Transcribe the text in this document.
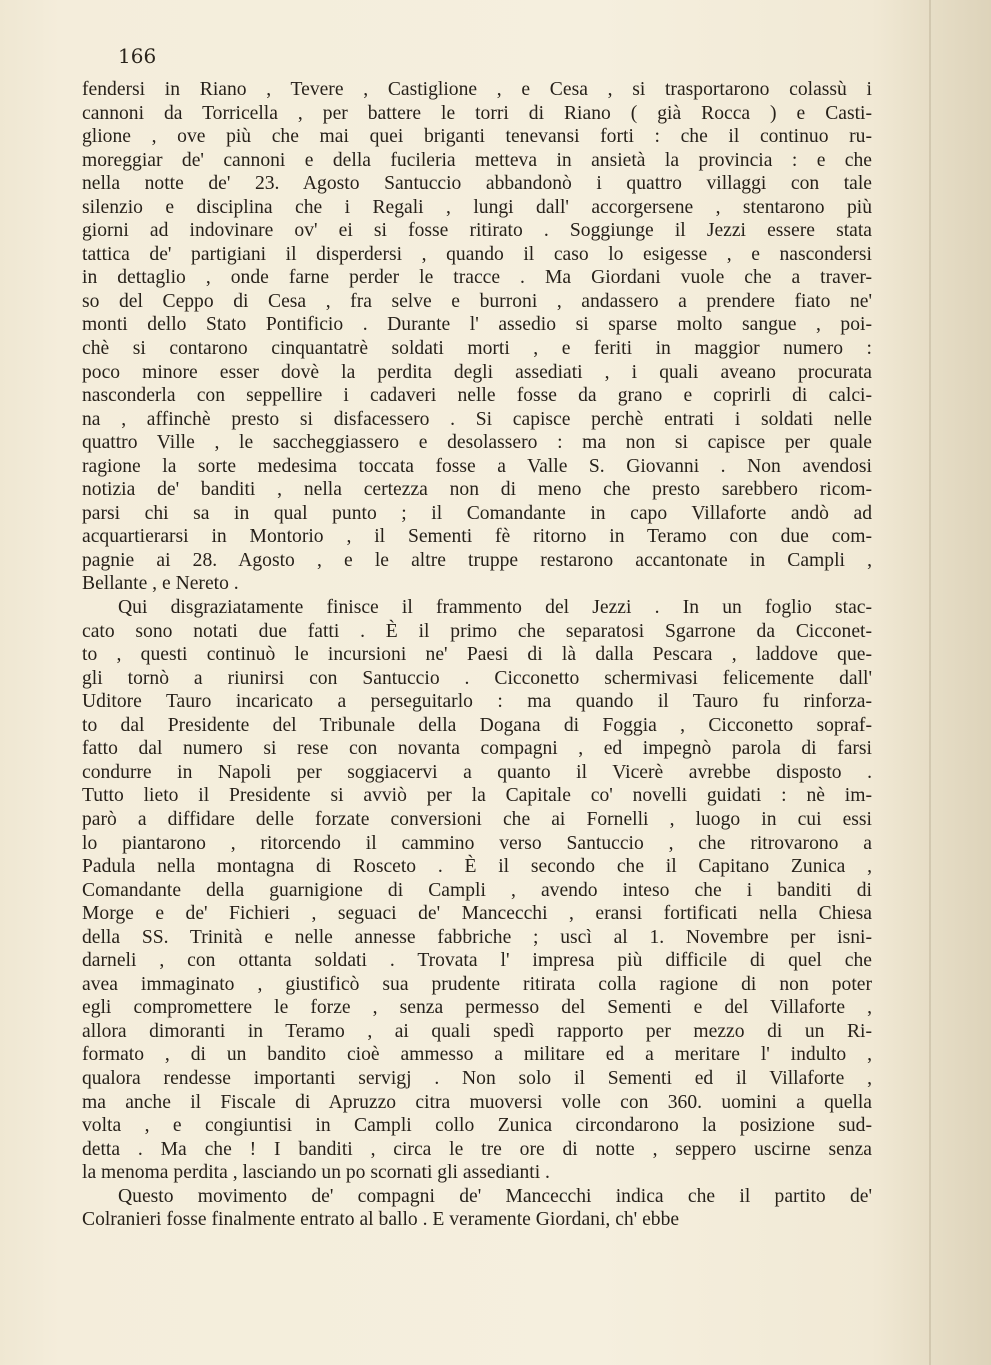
166
fendersi in Riano , Tevere , Castiglione , e Cesa , si trasportarono colassù i
cannoni da Torricella , per battere le torri di Riano ( già Rocca ) e Casti-
glione , ove più che mai quei briganti tenevansi forti : che il continuo ru-
moreggiar de' cannoni e della fucileria metteva in ansietà la provincia : e che
nella notte de' 23. Agosto Santuccio abbandonò i quattro villaggi con tale
silenzio e disciplina che i Regali , lungi dall' accorgersene , stentarono più
giorni ad indovinare ov' ei si fosse ritirato . Soggiunge il Jezzi essere stata
tattica de' partigiani il disperdersi , quando il caso lo esigesse , e nascondersi
in dettaglio , onde farne perder le tracce . Ma Giordani vuole che a traver-
so del Ceppo di Cesa , fra selve e burroni , andassero a prendere fiato ne'
monti dello Stato Pontificio . Durante l' assedio si sparse molto sangue , poi-
chè si contarono cinquantatrè soldati morti , e feriti in maggior numero :
poco minore esser dovè la perdita degli assediati , i quali aveano procurata
nasconderla con seppellire i cadaveri nelle fosse da grano e coprirli di calci-
na , affinchè presto si disfacessero . Si capisce perchè entrati i soldati nelle
quattro Ville , le saccheggiassero e desolassero : ma non si capisce per quale
ragione la sorte medesima toccata fosse a Valle S. Giovanni . Non avendosi
notizia de' banditi , nella certezza non di meno che presto sarebbero ricom-
parsi chi sa in qual punto ; il Comandante in capo Villaforte andò ad
acquartierarsi in Montorio , il Sementi fè ritorno in Teramo con due com-
pagnie ai 28. Agosto , e le altre truppe restarono accantonate in Campli ,
Bellante , e Nereto .
Qui disgraziatamente finisce il frammento del Jezzi . In un foglio stac-
cato sono notati due fatti . È il primo che separatosi Sgarrone da Cicconet-
to , questi continuò le incursioni ne' Paesi di là dalla Pescara , laddove que-
gli tornò a riunirsi con Santuccio . Cicconetto schermivasi felicemente dall'
Uditore Tauro incaricato a perseguitarlo : ma quando il Tauro fu rinforza-
to dal Presidente del Tribunale della Dogana di Foggia , Cicconetto sopraf-
fatto dal numero si rese con novanta compagni , ed impegnò parola di farsi
condurre in Napoli per soggiacervi a quanto il Vicerè avrebbe disposto .
Tutto lieto il Presidente si avviò per la Capitale co' novelli guidati : nè im-
parò a diffidare delle forzate conversioni che ai Fornelli , luogo in cui essi
lo piantarono , ritorcendo il cammino verso Santuccio , che ritrovarono a
Padula nella montagna di Rosceto . È il secondo che il Capitano Zunica ,
Comandante della guarnigione di Campli , avendo inteso che i banditi di
Morge e de' Fichieri , seguaci de' Mancecchi , eransi fortificati nella Chiesa
della SS. Trinità e nelle annesse fabbriche ; uscì al 1. Novembre per isni-
darneli , con ottanta soldati . Trovata l' impresa più difficile di quel che
avea immaginato , giustificò sua prudente ritirata colla ragione di non poter
egli compromettere le forze , senza permesso del Sementi e del Villaforte ,
allora dimoranti in Teramo , ai quali spedì rapporto per mezzo di un Ri-
formato , di un bandito cioè ammesso a militare ed a meritare l' indulto ,
qualora rendesse importanti servigj . Non solo il Sementi ed il Villaforte ,
ma anche il Fiscale di Apruzzo citra muoversi volle con 360. uomini a quella
volta , e congiuntisi in Campli collo Zunica circondarono la posizione sud-
detta . Ma che ! I banditi , circa le tre ore di notte , seppero uscirne senza
la menoma perdita , lasciando un po scornati gli assedianti .
Questo movimento de' compagni de' Mancecchi indica che il partito de'
Colranieri fosse finalmente entrato al ballo . E veramente Giordani, ch' ebbe
